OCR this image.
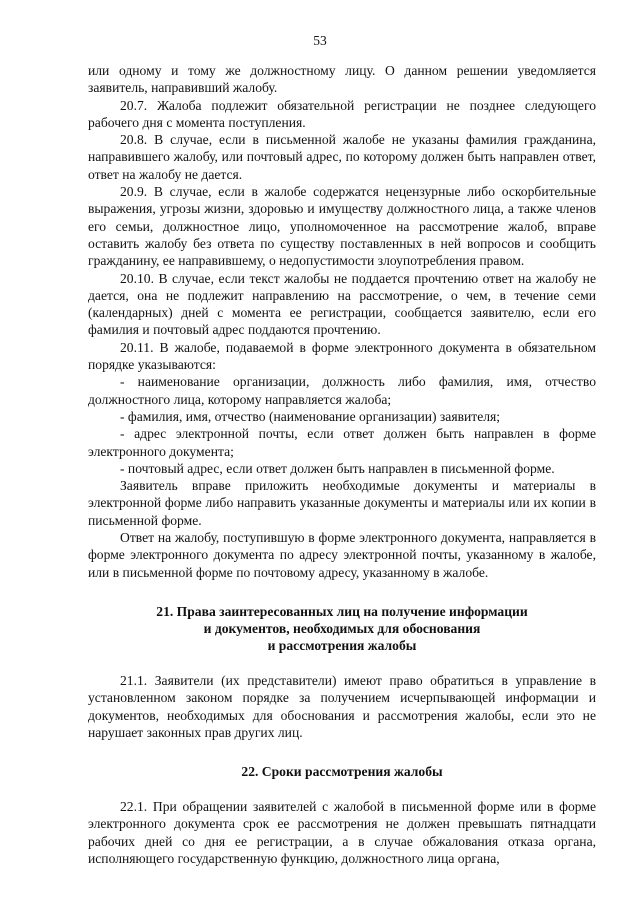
53

или одному и тому же должностному лицу. О данном решении уведомляется заявитель, направивший жалобу.

20.7. Жалоба подлежит обязательной регистрации не позднее следующего рабочего дня с момента поступления.

20.8. В случае, если в письменной жалобе не указаны фамилия гражданина, направившего жалобу, или почтовый адрес, по которому должен быть направлен ответ, ответ на жалобу не дается.

20.9. В случае, если в жалобе содержатся нецензурные либо оскорбительные выражения, угрозы жизни, здоровью и имуществу должностного лица, а также членов его семьи, должностное лицо, уполномоченное на рассмотрение жалоб, вправе оставить жалобу без ответа по существу поставленных в ней вопросов и сообщить гражданину, ее направившему, о недопустимости злоупотребления правом.

20.10. В случае, если текст жалобы не поддается прочтению ответ на жалобу не дается, она не подлежит направлению на рассмотрение, о чем, в течение семи (календарных) дней с момента ее регистрации, сообщается заявителю, если его фамилия и почтовый адрес поддаются прочтению.

20.11. В жалобе, подаваемой в форме электронного документа в обязательном порядке указываются:

- наименование организации, должность либо фамилия, имя, отчество должностного лица, которому направляется жалоба;

- фамилия, имя, отчество (наименование организации) заявителя;

- адрес электронной почты, если ответ должен быть направлен в форме электронного документа;

- почтовый адрес, если ответ должен быть направлен в письменной форме.

Заявитель вправе приложить необходимые документы и материалы в электронной форме либо направить указанные документы и материалы или их копии в письменной форме.

Ответ на жалобу, поступившую в форме электронного документа, направляется в форме электронного документа по адресу электронной почты, указанному в жалобе, или в письменной форме по почтовому адресу, указанному в жалобе.

21. Права заинтересованных лиц на получение информации

и документов, необходимых для обоснования

и рассмотрения жалобы

21.1. Заявители (их представители) имеют право обратиться в управление в установленном законом порядке за получением исчерпывающей информации и документов, необходимых для обоснования и рассмотрения жалобы, если это не нарушает законных прав других лиц.

22. Сроки рассмотрения жалобы

22.1. При обращении заявителей с жалобой в письменной форме или в форме электронного документа срок ее рассмотрения не должен превышать пятнадцати рабочих дней со дня ее регистрации, а в случае обжалования отказа органа, исполняющего государственную функцию, должностного лица органа,
